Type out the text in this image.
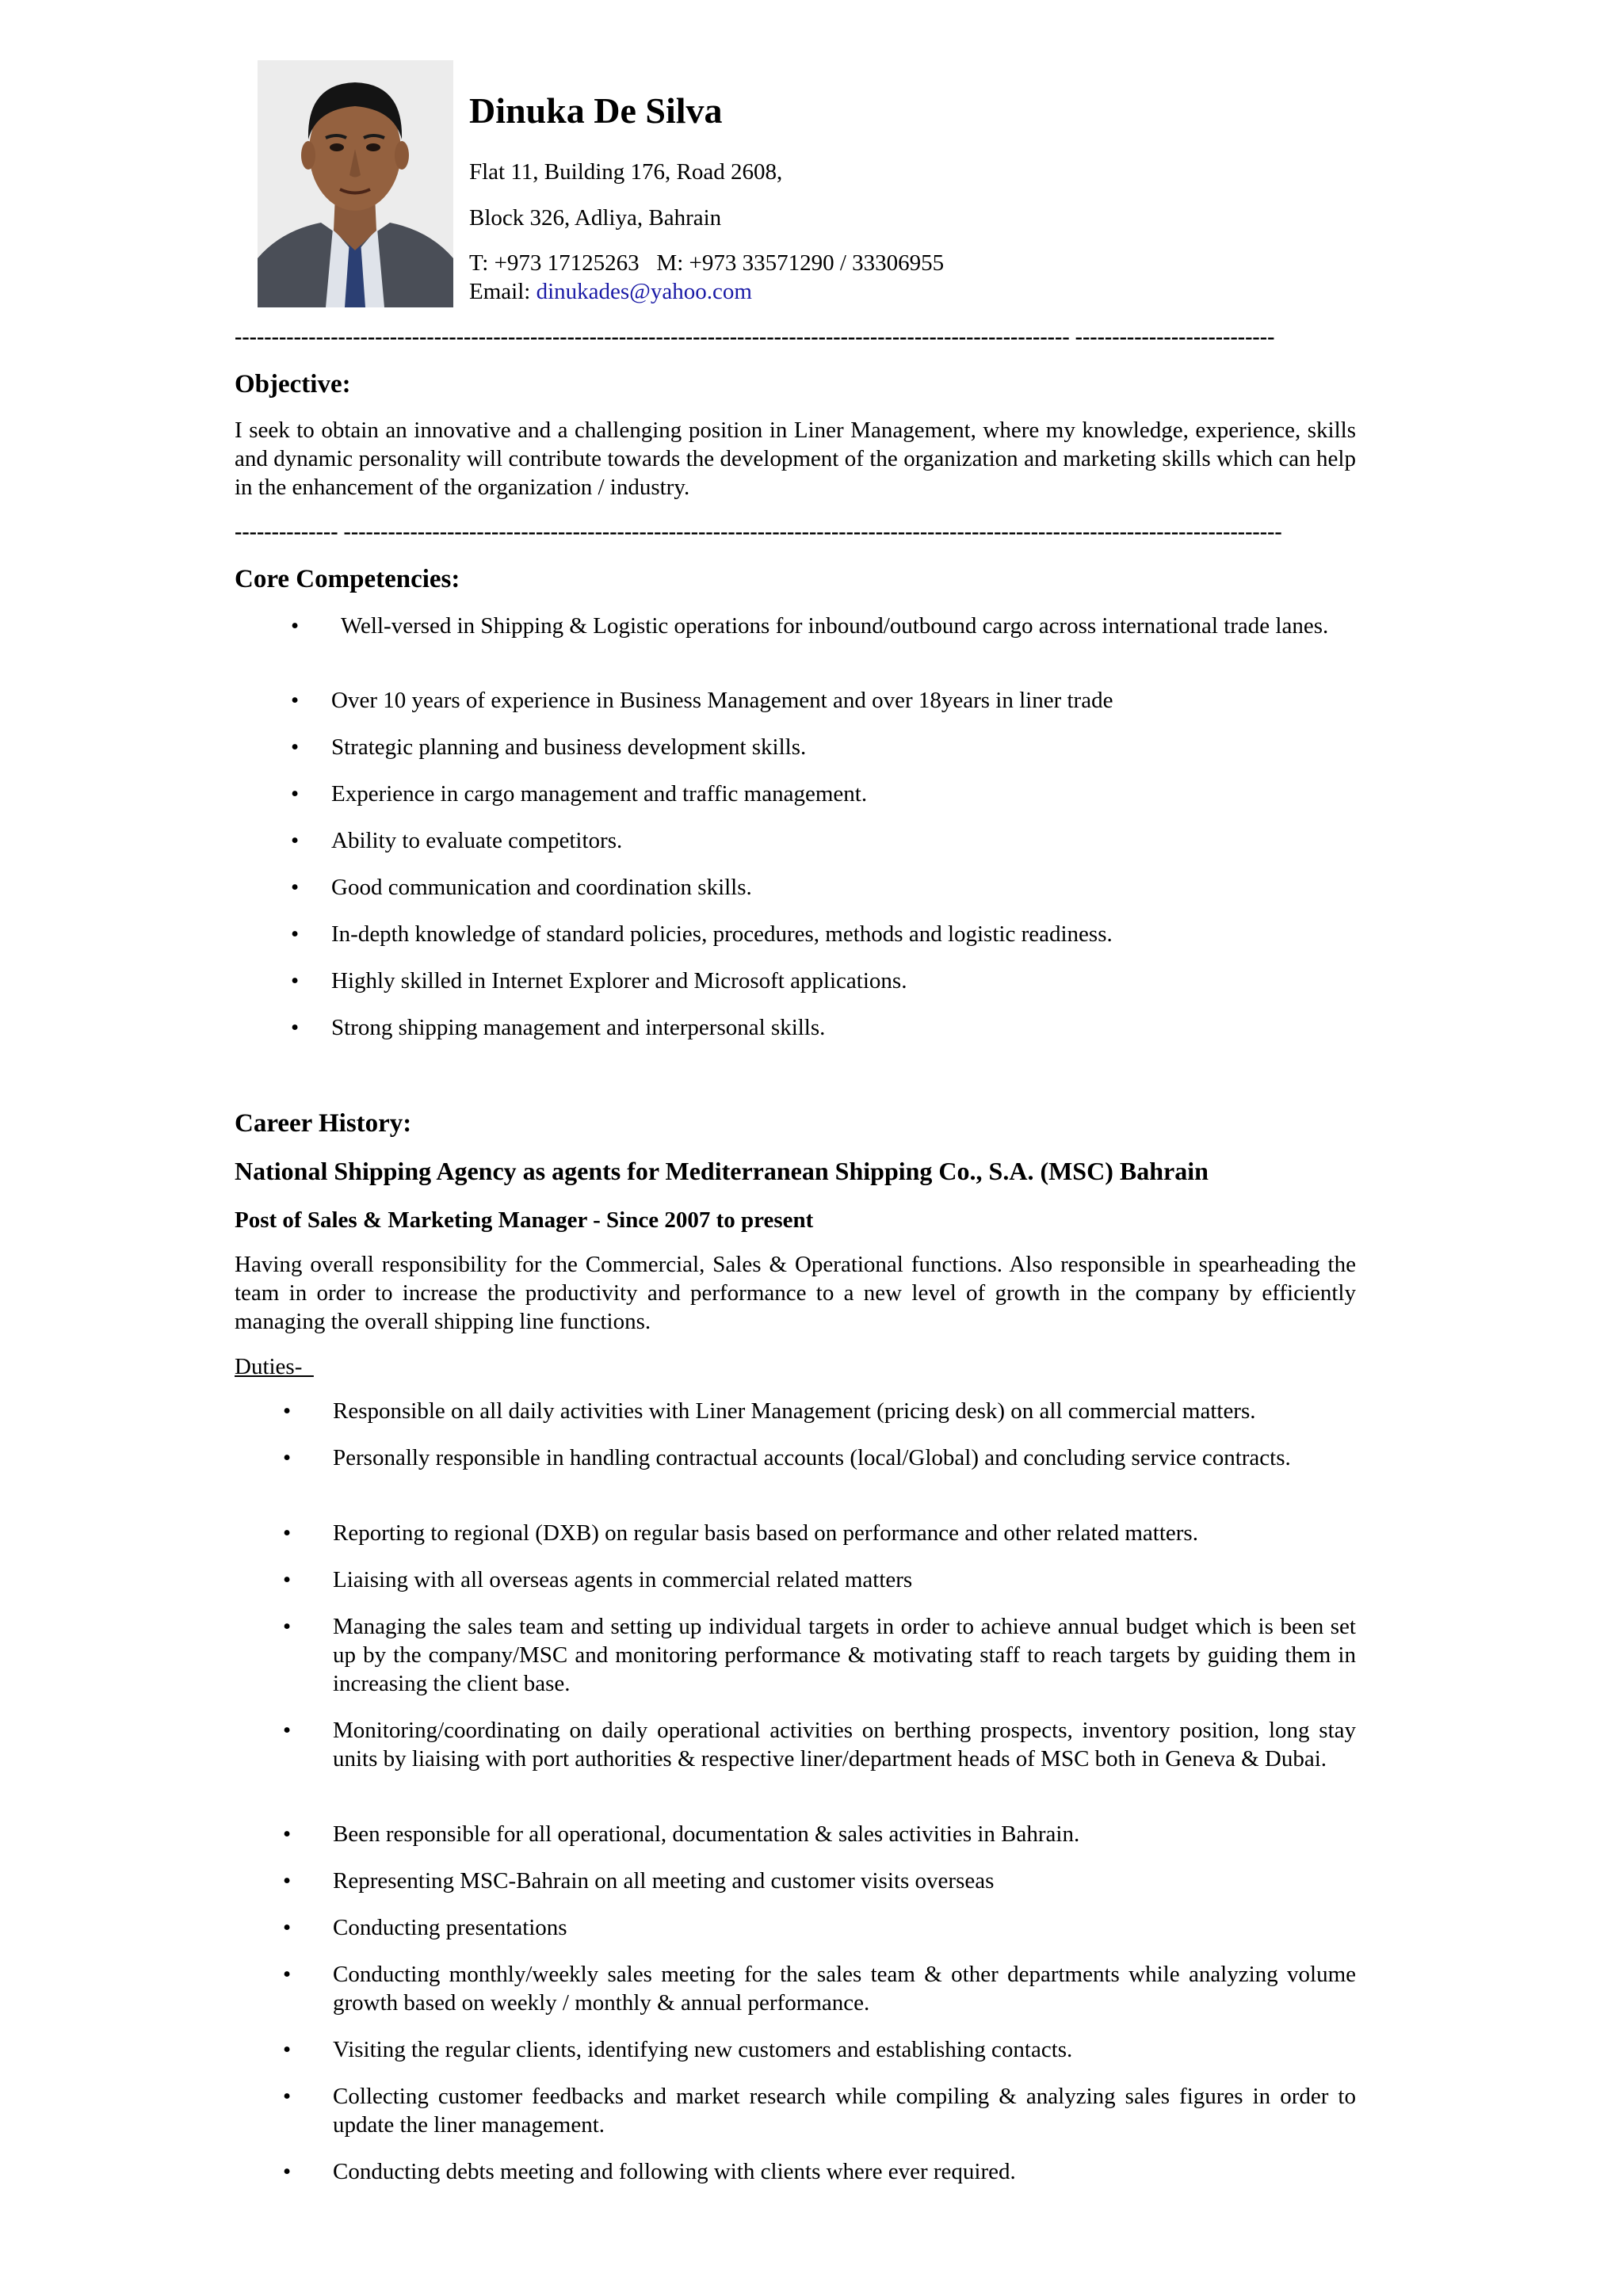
Dinuka De Silva
Flat 11, Building 176, Road 2608,
Block 326, Adliya, Bahrain
T: +973 17125263   M: +973 33571290 / 33306955
Email: dinukades@yahoo.com
----------------------------------------------------------------------------------------------------------------- ---------------------------
Objective:
I seek to obtain an innovative and a challenging position in Liner Management, where my knowledge, experience, skills and dynamic personality will contribute towards the development of the organization and marketing skills which can help in the enhancement of the organization / industry.
-------------- -------------------------------------------------------------------------------------------------------------------------------
Core Competencies:
• Well-versed in Shipping & Logistic operations for inbound/outbound cargo across international trade lanes.
• Over 10 years of experience in Business Management and over 18years in liner trade
• Strategic planning and business development skills.
• Experience in cargo management and traffic management.
• Ability to evaluate competitors.
• Good communication and coordination skills.
• In-depth knowledge of standard policies, procedures, methods and logistic readiness.
• Highly skilled in Internet Explorer and Microsoft applications.
• Strong shipping management and interpersonal skills.
Career History:
National Shipping Agency as agents for Mediterranean Shipping Co., S.A. (MSC) Bahrain
Post of Sales & Marketing Manager - Since 2007 to present
Having overall responsibility for the Commercial, Sales & Operational functions. Also responsible in spearheading the team in order to increase the productivity and performance to a new level of growth in the company by efficiently managing the overall shipping line functions.
Duties-
• Responsible on all daily activities with Liner Management (pricing desk) on all commercial matters.
• Personally responsible in handling contractual accounts (local/Global) and concluding service contracts.
• Reporting to regional (DXB) on regular basis based on performance and other related matters.
• Liaising with all overseas agents in commercial related matters
• Managing the sales team and setting up individual targets in order to achieve annual budget which is been set up by the company/MSC and monitoring performance & motivating staff to reach targets by guiding them in increasing the client base.
• Monitoring/coordinating on daily operational activities on berthing prospects, inventory position, long stay units by liaising with port authorities & respective liner/department heads of MSC both in Geneva & Dubai.
• Been responsible for all operational, documentation & sales activities in Bahrain.
• Representing MSC-Bahrain on all meeting and customer visits overseas
• Conducting presentations
• Conducting monthly/weekly sales meeting for the sales team & other departments while analyzing volume growth based on weekly / monthly & annual performance.
• Visiting the regular clients, identifying new customers and establishing contacts.
• Collecting customer feedbacks and market research while compiling & analyzing sales figures in order to update the liner management.
• Conducting debts meeting and following with clients where ever required.
